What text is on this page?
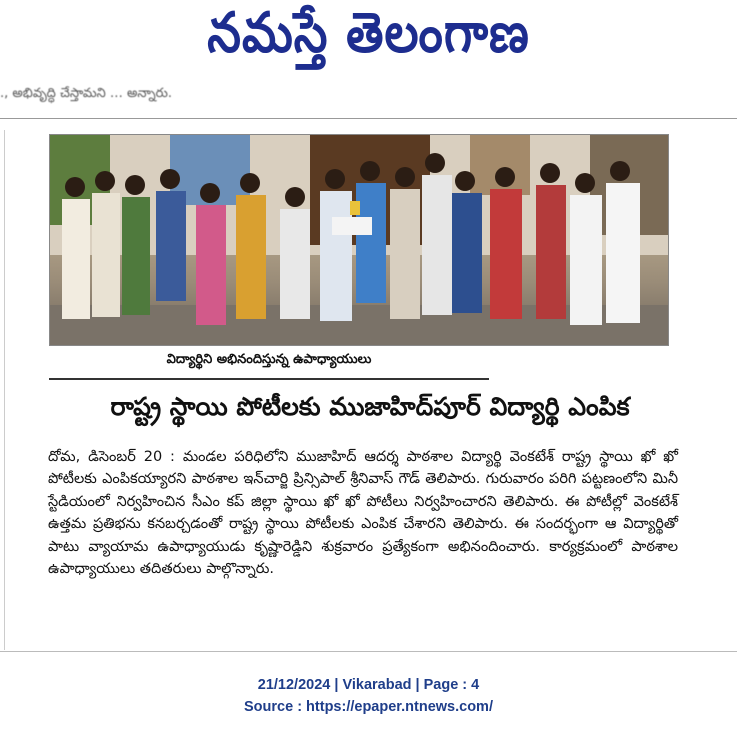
నమస్తే తెలంగాణ
., అభివృద్ధి చేస్తామని … అన్నారు.
విద్యార్థిని అభినందిస్తున్న ఉపాధ్యాయులు
రాష్ట్ర స్థాయి పోటీలకు ముజాహిద్‌పూర్ విద్యార్థి ఎంపిక
దోమ, డిసెంబర్ 20 : మండల పరిధిలోని ముజాహిద్ ఆదర్శ పాఠశాల విద్యార్థి వెంకటేశ్ రాష్ట్ర స్థాయి ఖో ఖో పోటీలకు ఎంపికయ్యారని పాఠశాల ఇన్‌చార్జి ప్రిన్సిపాల్ శ్రీనివాస్ గౌడ్ తెలిపారు. గురువారం పరిగి పట్టణంలోని మినీ స్టేడియంలో నిర్వహించిన సీఎం కప్ జిల్లా స్థాయి ఖో ఖో పోటీలు నిర్వహించారని తెలిపారు. ఈ పోటీల్లో వెంకటేశ్ ఉత్తమ ప్రతిభను కనబర్చడంతో రాష్ట్ర స్థాయి పోటీలకు ఎంపిక చేశారని తెలిపారు. ఈ సందర్భంగా ఆ విద్యార్థితో పాటు వ్యాయామ ఉపాధ్యాయుడు కృష్ణారెడ్డిని శుక్రవారం ప్రత్యేకంగా అభినందించారు. కార్యక్రమంలో పాఠశాల ఉపాధ్యాయులు తదితరులు పాల్గొన్నారు.
21/12/2024 | Vikarabad | Page : 4
Source : https://epaper.ntnews.com/
